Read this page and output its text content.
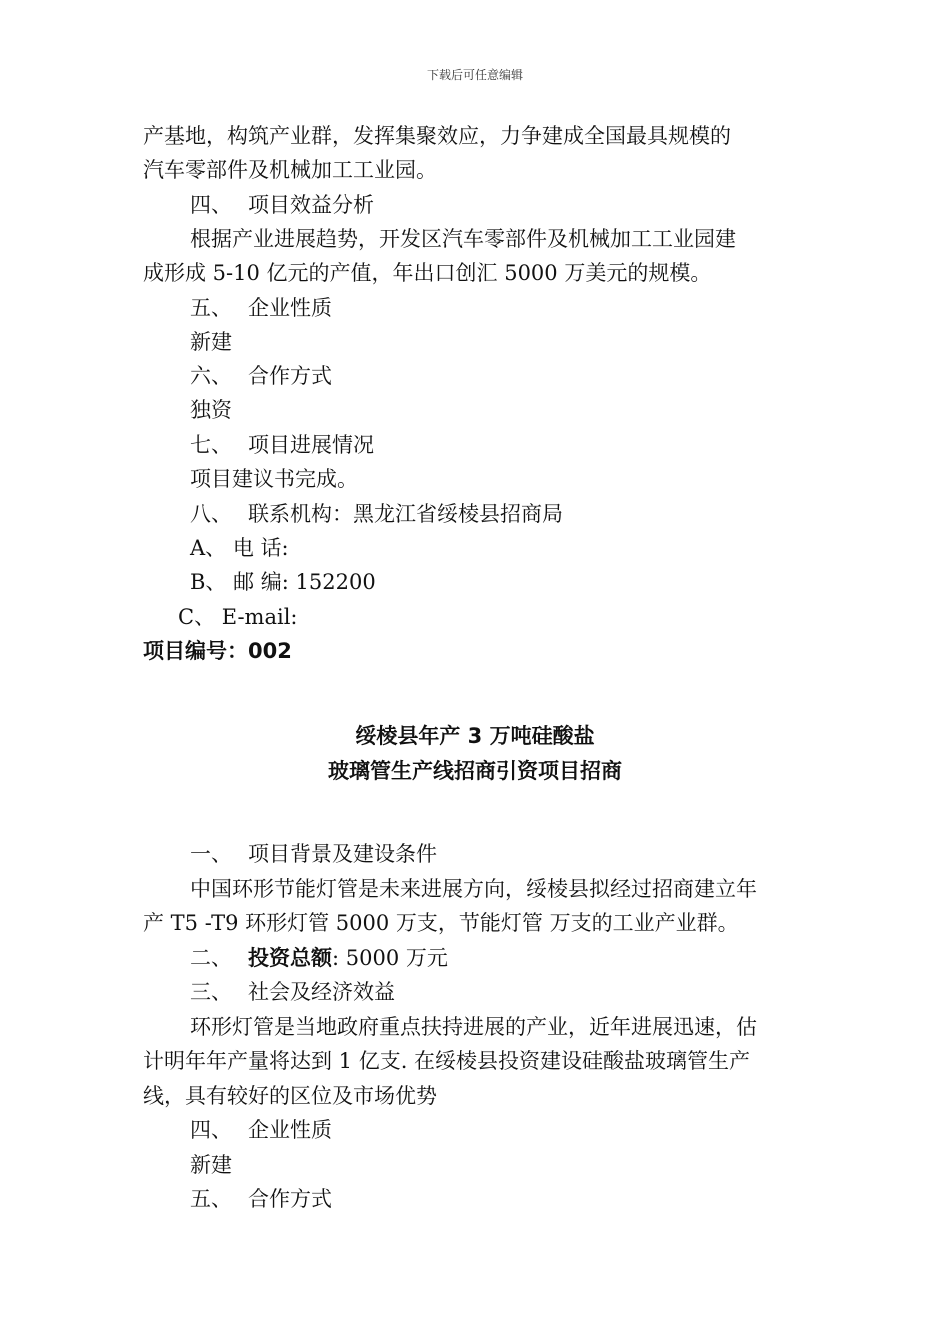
下载后可任意编辑
产基地，构筑产业群，发挥集聚效应，力争建成全国最具规模的
汽车零部件及机械加工工业园。
四、 项目效益分析
根据产业进展趋势，开发区汽车零部件及机械加工工业园建
成形成 5-10 亿元的产值，年出口创汇 5000 万美元的规模。
五、 企业性质
新建
六、 合作方式
独资
七、 项目进展情况
项目建议书完成。
八、 联系机构：黑龙江省绥棱县招商局
A、 电 话:
B、 邮 编: 152200
C、 E-mail:
项目编号：002
绥棱县年产 3 万吨硅酸盐
玻璃管生产线招商引资项目招商
一、 项目背景及建设条件
中国环形节能灯管是未来进展方向，绥棱县拟经过招商建立年
产 T5 -T9 环形灯管 5000 万支，节能灯管 万支的工业产业群。
二、 投资总额: 5000 万元
三、 社会及经济效益
环形灯管是当地政府重点扶持进展的产业，近年进展迅速，估
计明年年产量将达到 1 亿支. 在绥棱县投资建设硅酸盐玻璃管生产
线，具有较好的区位及市场优势
四、 企业性质
新建
五、 合作方式
